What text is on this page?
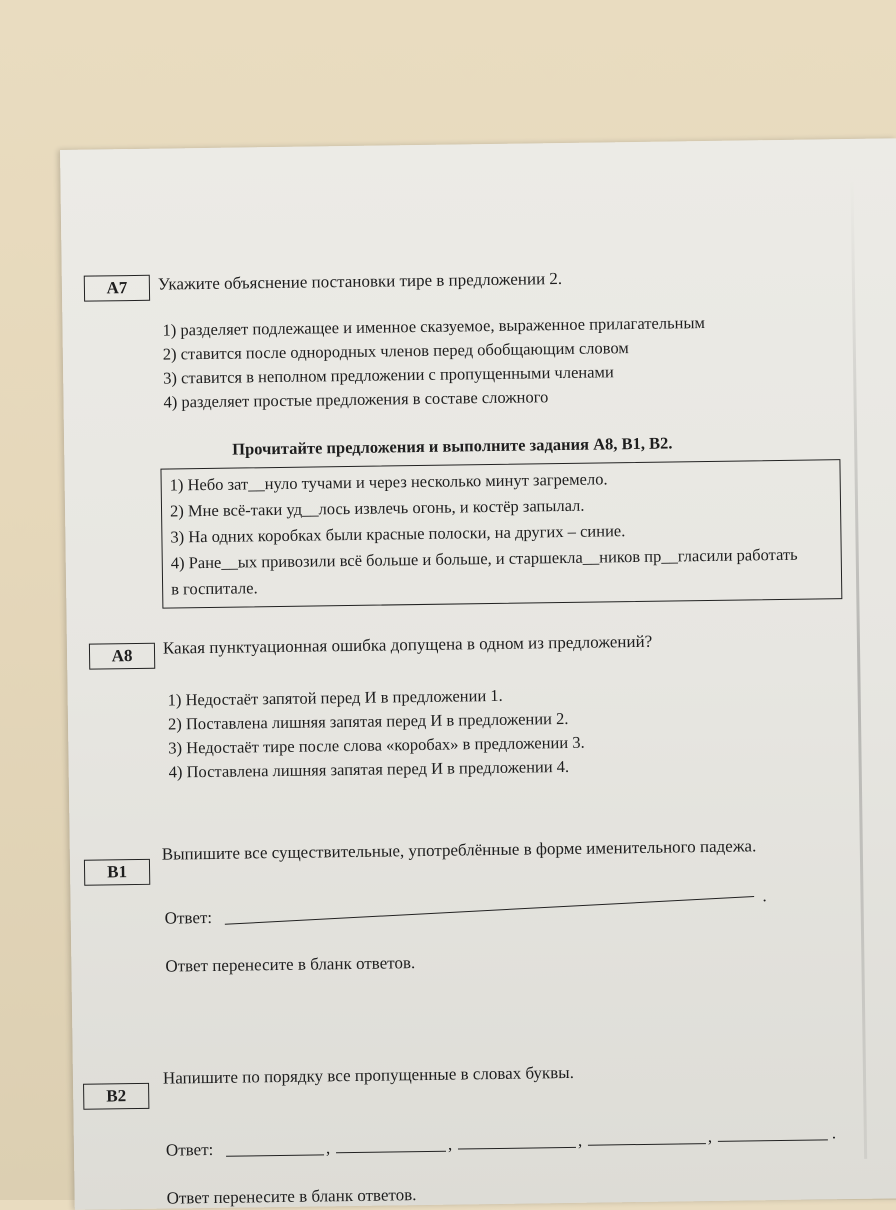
А7	Укажите объяснение постановки тире в предложении 2.
1) разделяет подлежащее и именное сказуемое, выраженное прилагательным
2) ставится после однородных членов перед обобщающим словом
3) ставится в неполном предложении с пропущенными членами
4) разделяет простые предложения в составе сложного
Прочитайте предложения и выполните задания А8, В1, В2.
1) Небо зат__нуло тучами и через несколько минут загремело.
2) Мне всё-таки уд__лось извлечь огонь, и костёр запылал.
3) На одних коробках были красные полоски, на других – синие.
4) Ране__ых привозили всё больше и больше, и старшекла__ников пр__гласили работать
в госпитале.
А8	Какая пунктуационная ошибка допущена в одном из предложений?
1) Недостаёт запятой перед И в предложении 1.
2) Поставлена лишняя запятая перед И в предложении 2.
3) Недостаёт тире после слова «коробах» в предложении 3.
4) Поставлена лишняя запятая перед И в предложении 4.
В1
Выпишите все существительные, употреблённые в форме именительного падежа.
Ответ:
.
Ответ перенесите в бланк ответов.
В2
Напишите по порядку все пропущенные в словах буквы.
Ответ:	,	,	,	,	.
Ответ перенесите в бланк ответов.
